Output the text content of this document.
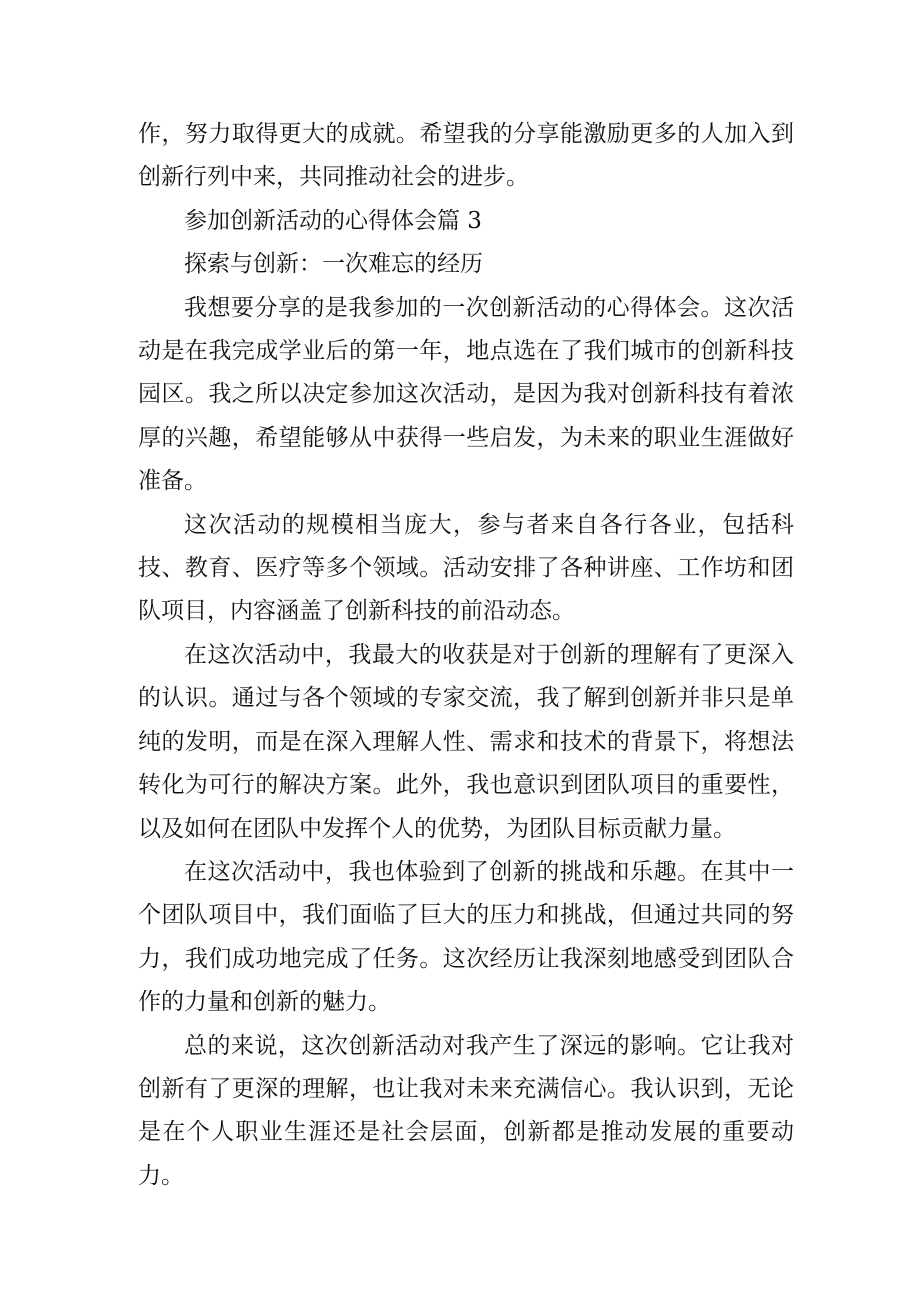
作，努力取得更大的成就。希望我的分享能激励更多的人加入到创新行列中来，共同推动社会的进步。

参加创新活动的心得体会篇 3

探索与创新：一次难忘的经历

我想要分享的是我参加的一次创新活动的心得体会。这次活动是在我完成学业后的第一年，地点选在了我们城市的创新科技园区。我之所以决定参加这次活动，是因为我对创新科技有着浓厚的兴趣，希望能够从中获得一些启发，为未来的职业生涯做好准备。

这次活动的规模相当庞大，参与者来自各行各业，包括科技、教育、医疗等多个领域。活动安排了各种讲座、工作坊和团队项目，内容涵盖了创新科技的前沿动态。

在这次活动中，我最大的收获是对于创新的理解有了更深入的认识。通过与各个领域的专家交流，我了解到创新并非只是单纯的发明，而是在深入理解人性、需求和技术的背景下，将想法转化为可行的解决方案。此外，我也意识到团队项目的重要性，以及如何在团队中发挥个人的优势，为团队目标贡献力量。

在这次活动中，我也体验到了创新的挑战和乐趣。在其中一个团队项目中，我们面临了巨大的压力和挑战，但通过共同的努力，我们成功地完成了任务。这次经历让我深刻地感受到团队合作的力量和创新的魅力。

总的来说，这次创新活动对我产生了深远的影响。它让我对创新有了更深的理解，也让我对未来充满信心。我认识到，无论是在个人职业生涯还是社会层面，创新都是推动发展的重要动力。
